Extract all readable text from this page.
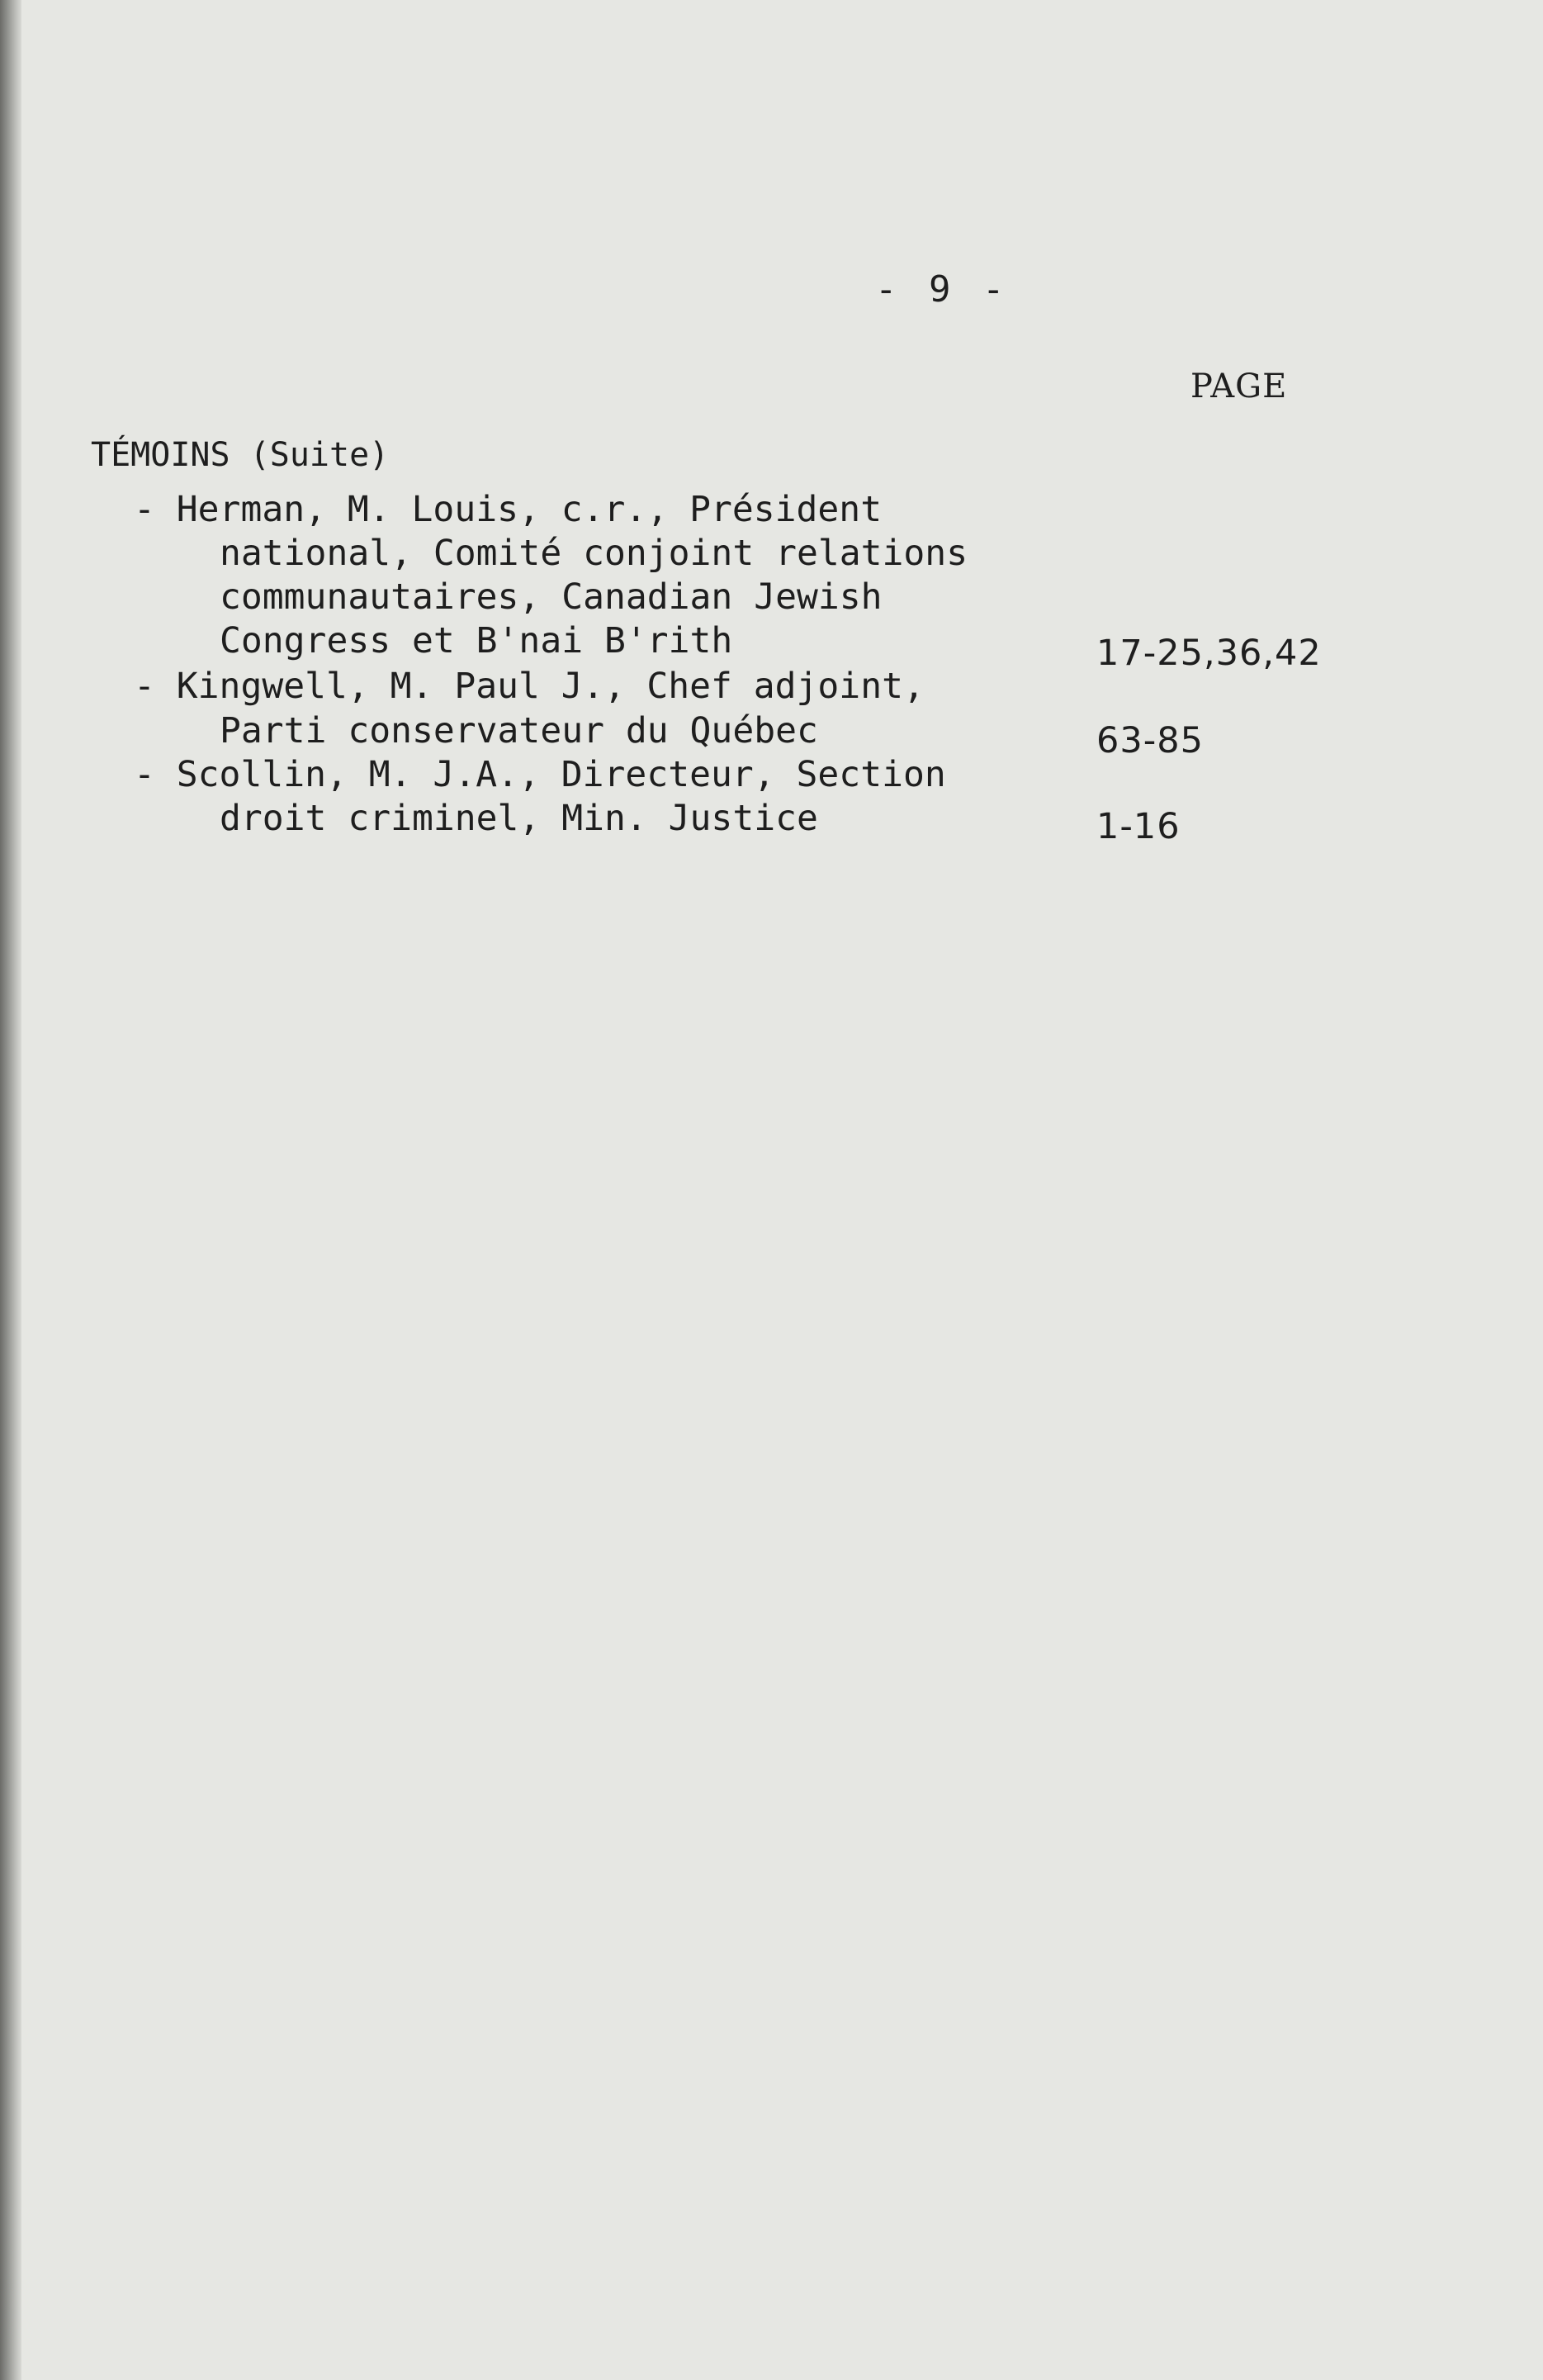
- 9 -
PAGE
TÉMOINS (Suite)
- Herman, M. Louis, c.r., Président
national, Comité conjoint relations
communautaires, Canadian Jewish
Congress et B'nai B'rith	17-25,36,42
- Kingwell, M. Paul J., Chef adjoint,
Parti conservateur du Québec	63-85
- Scollin, M. J.A., Directeur, Section
droit criminel, Min. Justice	1-16
